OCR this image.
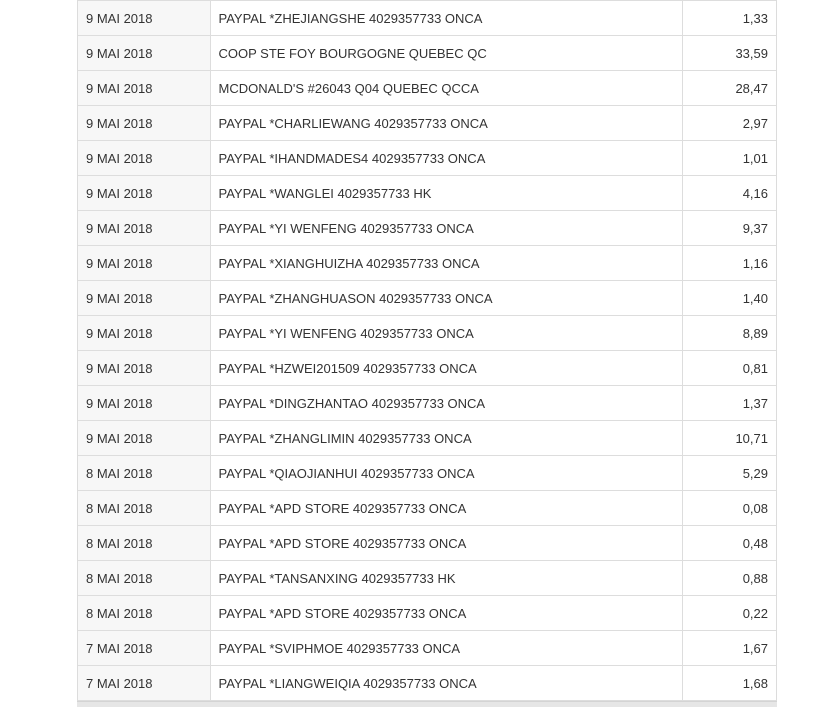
9 MAI 2018	PAYPAL *ZHEJIANGSHE 4029357733 ONCA	1,33
9 MAI 2018	COOP STE FOY BOURGOGNE QUEBEC QC	33,59
9 MAI 2018	MCDONALD'S #26043 Q04 QUEBEC QCCA	28,47
9 MAI 2018	PAYPAL *CHARLIEWANG 4029357733 ONCA	2,97
9 MAI 2018	PAYPAL *IHANDMADES4 4029357733 ONCA	1,01
9 MAI 2018	PAYPAL *WANGLEI 4029357733 HK	4,16
9 MAI 2018	PAYPAL *YI WENFENG 4029357733 ONCA	9,37
9 MAI 2018	PAYPAL *XIANGHUIZHA 4029357733 ONCA	1,16
9 MAI 2018	PAYPAL *ZHANGHUASON 4029357733 ONCA	1,40
9 MAI 2018	PAYPAL *YI WENFENG 4029357733 ONCA	8,89
9 MAI 2018	PAYPAL *HZWEI201509 4029357733 ONCA	0,81
9 MAI 2018	PAYPAL *DINGZHANTAO 4029357733 ONCA	1,37
9 MAI 2018	PAYPAL *ZHANGLIMIN 4029357733 ONCA	10,71
8 MAI 2018	PAYPAL *QIAOJIANHUI 4029357733 ONCA	5,29
8 MAI 2018	PAYPAL *APD STORE 4029357733 ONCA	0,08
8 MAI 2018	PAYPAL *APD STORE 4029357733 ONCA	0,48
8 MAI 2018	PAYPAL *TANSANXING 4029357733 HK	0,88
8 MAI 2018	PAYPAL *APD STORE 4029357733 ONCA	0,22
7 MAI 2018	PAYPAL *SVIPHMOE 4029357733 ONCA	1,67
7 MAI 2018	PAYPAL *LIANGWEIQIA 4029357733 ONCA	1,68
